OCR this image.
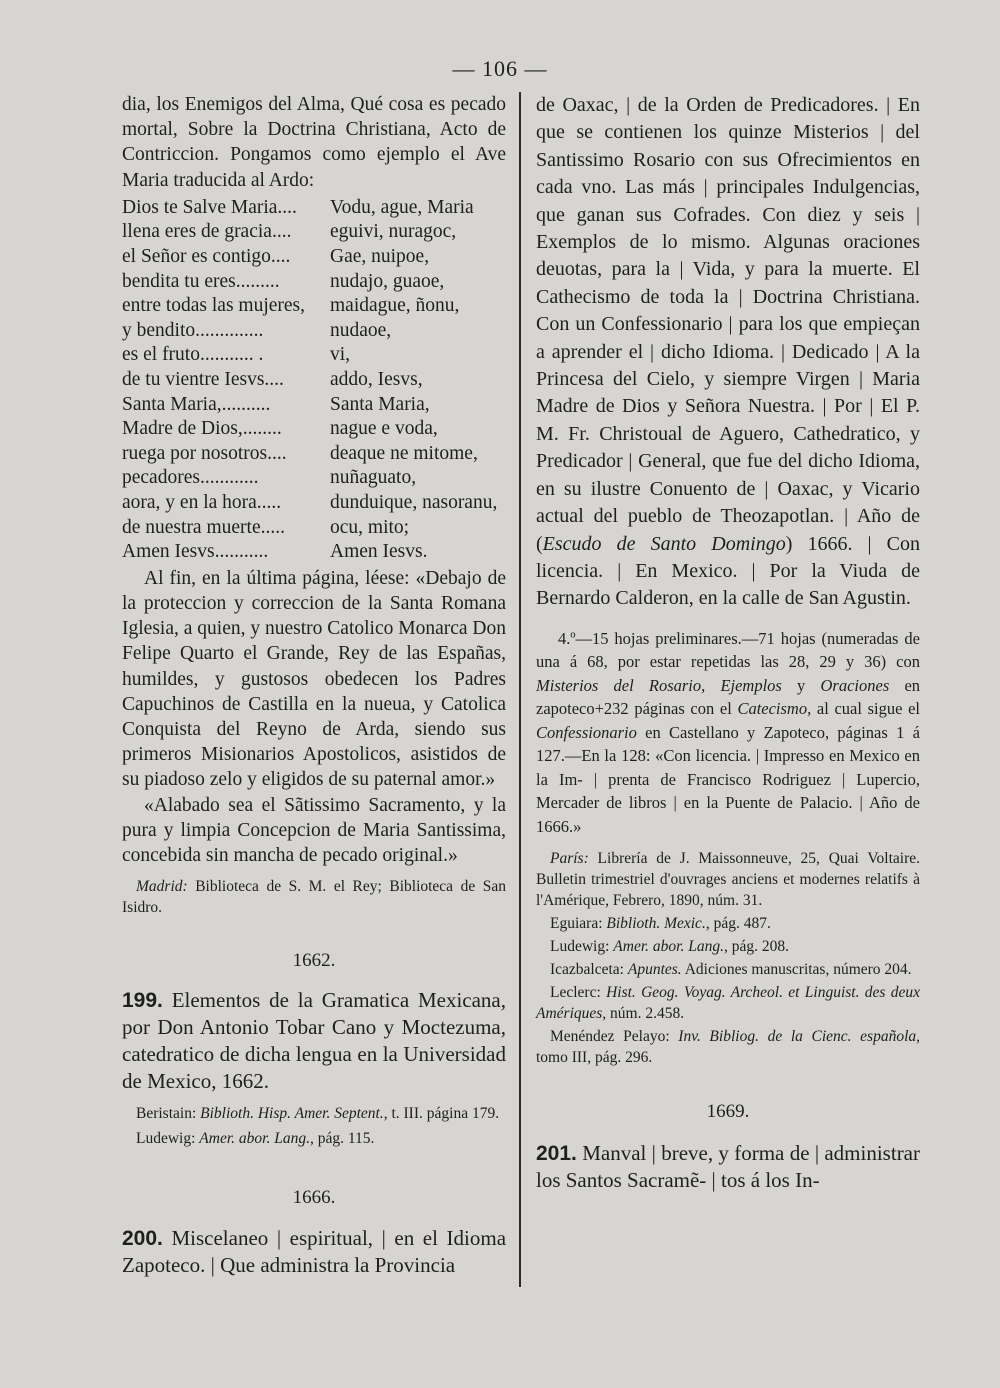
— 106 —

dia, los Enemigos del Alma, Qué cosa es pecado mortal, Sobre la Doctrina Christiana, Acto de Contriccion. Pongamos como ejemplo el Ave Maria traducida al Ardo:

Dios te Salve Maria....	Vodu, ague, Maria
llena eres de gracia....	eguivi, nuragoc,
el Señor es contigo....	Gae, nuipoe,
bendita tu eres.........	nudajo, guaoe,
entre todas las mujeres,	maidague, ñonu,
y bendito..............	nudaoe,
es el fruto........... .	vi,
de tu vientre Iesvs....	addo, Iesvs,
Santa Maria,..........	Santa Maria,
Madre de Dios,........	nague e voda,
ruega por nosotros....	deaque ne mitome,
pecadores............	nuñaguato,
aora, y en la hora.....	dunduique, nasoranu,
de nuestra muerte.....	ocu, mito;
Amen Iesvs...........	Amen Iesvs.

Al fin, en la última página, léese: «Debajo de la proteccion y correccion de la Santa Romana Iglesia, a quien, y nuestro Catolico Monarca Don Felipe Quarto el Grande, Rey de las Españas, humildes, y gustosos obedecen los Padres Capuchinos de Castilla en la nueua, y Catolica Conquista del Reyno de Arda, siendo sus primeros Misionarios Apostolicos, asistidos de su piadoso zelo y eligidos de su paternal amor.»

«Alabado sea el Sãtissimo Sacramento, y la pura y limpia Concepcion de Maria Santissima, concebida sin mancha de pecado original.»

Madrid: Biblioteca de S. M. el Rey; Biblioteca de San Isidro.

1662.

199. Elementos de la Gramatica Mexicana, por Don Antonio Tobar Cano y Moctezuma, catedratico de dicha lengua en la Universidad de Mexico, 1662.

Beristain: Biblioth. Hisp. Amer. Septent., t. III. página 179.

Ludewig: Amer. abor. Lang., pág. 115.

1666.

200. Miscelaneo | espiritual, | en el Idioma Zapoteco. | Que administra la Provincia

de Oaxac, | de la Orden de Predicadores. | En que se contienen los quinze Misterios | del Santissimo Rosario con sus Ofrecimientos en cada vno. Las más | principales Indulgencias, que ganan sus Cofrades. Con diez y seis | Exemplos de lo mismo. Algunas oraciones deuotas, para la | Vida, y para la muerte. El Cathecismo de toda la | Doctrina Christiana. Con un Confessionario | para los que empieçan a aprender el | dicho Idioma. | Dedicado | A la Princesa del Cielo, y siempre Virgen | Maria Madre de Dios y Señora Nuestra. | Por | El P. M. Fr. Christoual de Aguero, Cathedratico, y Predicador | General, que fue del dicho Idioma, en su ilustre Conuento de | Oaxac, y Vicario actual del pueblo de Theozapotlan. | Año de (Escudo de Santo Domingo) 1666. | Con licencia. | En Mexico. | Por la Viuda de Bernardo Calderon, en la calle de San Agustin.

4.º—15 hojas preliminares.—71 hojas (numeradas de una á 68, por estar repetidas las 28, 29 y 36) con Misterios del Rosario, Ejemplos y Oraciones en zapoteco+232 páginas con el Catecismo, al cual sigue el Confessionario en Castellano y Zapoteco, páginas 1 á 127.—En la 128: «Con licencia. | Impresso en Mexico en la Im- | prenta de Francisco Rodriguez | Lupercio, Mercader de libros | en la Puente de Palacio. | Año de 1666.»

París: Librería de J. Maissonneuve, 25, Quai Voltaire. Bulletin trimestriel d'ouvrages anciens et modernes relatifs à l'Amérique, Febrero, 1890, núm. 31.

Eguiara: Biblioth. Mexic., pág. 487.

Ludewig: Amer. abor. Lang., pág. 208.

Icazbalceta: Apuntes. Adiciones manuscritas, número 204.

Leclerc: Hist. Geog. Voyag. Archeol. et Linguist. des deux Amériques, núm. 2.458.

Menéndez Pelayo: Inv. Bibliog. de la Cienc. española, tomo III, pág. 296.

1669.

201. Manval | breve, y forma de | administrar los Santos Sacramẽ- | tos á los In-
